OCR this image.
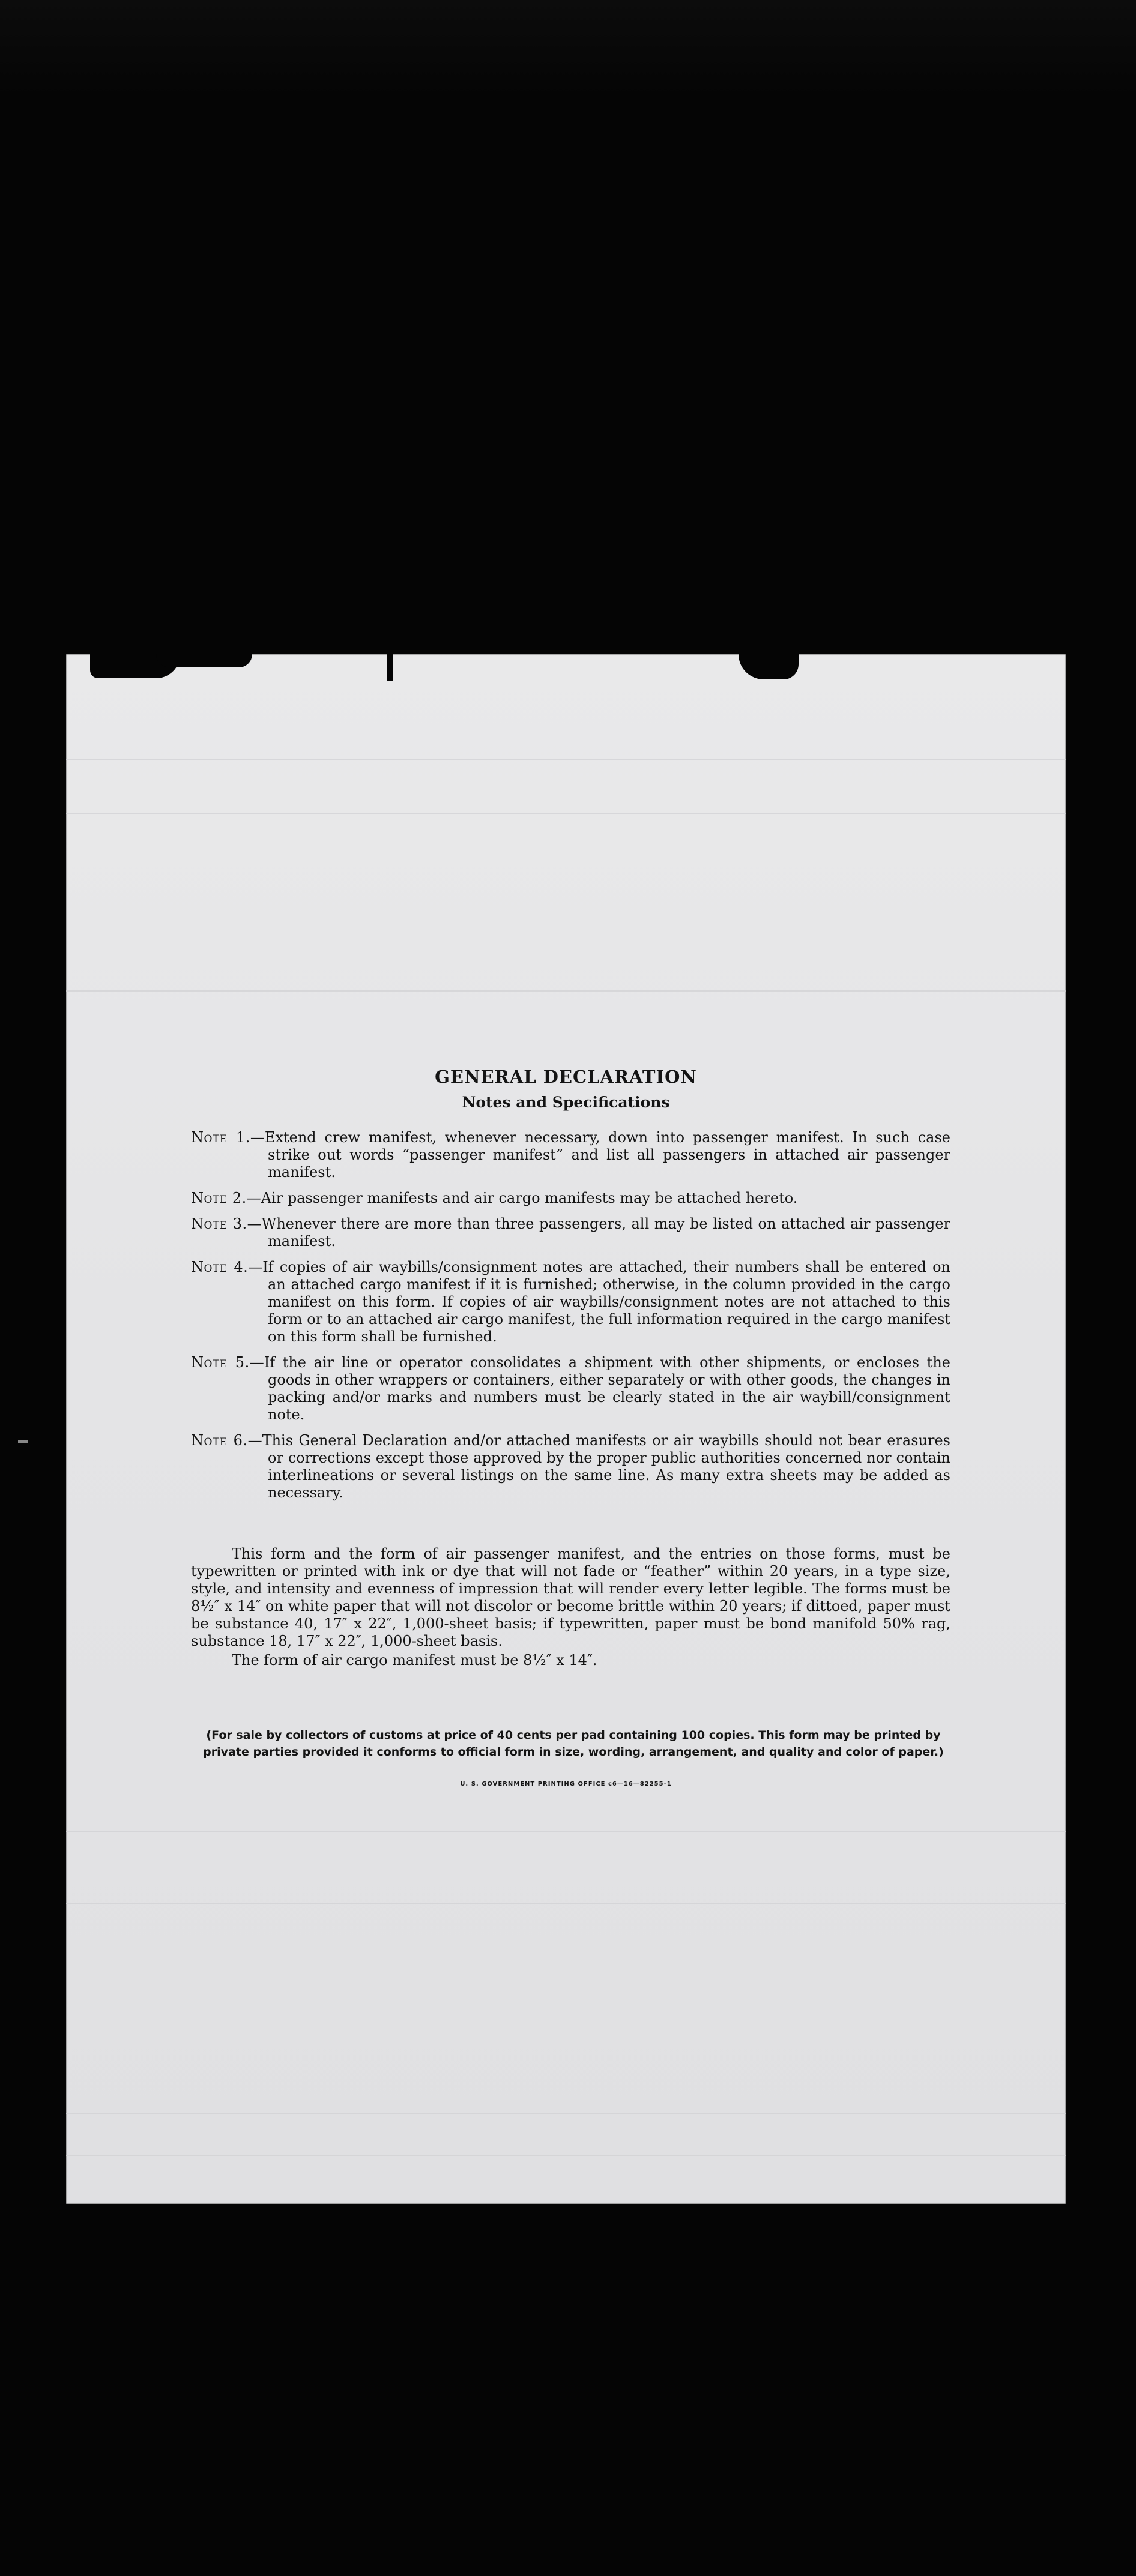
GENERAL DECLARATION
Notes and Specifications
Note 1.—Extend crew manifest, whenever necessary, down into passenger manifest. In such case strike out words “passenger manifest” and list all passengers in attached air passenger manifest.
Note 2.—Air passenger manifests and air cargo manifests may be attached hereto.
Note 3.—Whenever there are more than three passengers, all may be listed on attached air passenger manifest.
Note 4.—If copies of air waybills/consignment notes are attached, their numbers shall be entered on an attached cargo manifest if it is furnished; otherwise, in the column provided in the cargo manifest on this form. If copies of air waybills/consignment notes are not attached to this form or to an attached air cargo manifest, the full information required in the cargo manifest on this form shall be furnished.
Note 5.—If the air line or operator consolidates a shipment with other shipments, or encloses the goods in other wrappers or containers, either separately or with other goods, the changes in packing and/or marks and numbers must be clearly stated in the air waybill/consignment note.
Note 6.—This General Declaration and/or attached manifests or air waybills should not bear erasures or corrections except those approved by the proper public authorities concerned nor contain interlineations or several listings on the same line. As many extra sheets may be added as necessary.
This form and the form of air passenger manifest, and the entries on those forms, must be typewritten or printed with ink or dye that will not fade or “feather” within 20 years, in a type size, style, and intensity and evenness of impression that will render every letter legible. The forms must be 8½″ x 14″ on white paper that will not discolor or become brittle within 20 years; if dittoed, paper must be substance 40, 17″ x 22″, 1,000-sheet basis; if typewritten, paper must be bond manifold 50% rag, substance 18, 17″ x 22″, 1,000-sheet basis.
The form of air cargo manifest must be 8½″ x 14″.
(For sale by collectors of customs at price of 40 cents per pad containing 100 copies. This form may be printed by private parties provided it conforms to official form in size, wording, arrangement, and quality and color of paper.)
U. S. GOVERNMENT PRINTING OFFICE c6—16—82255-1
